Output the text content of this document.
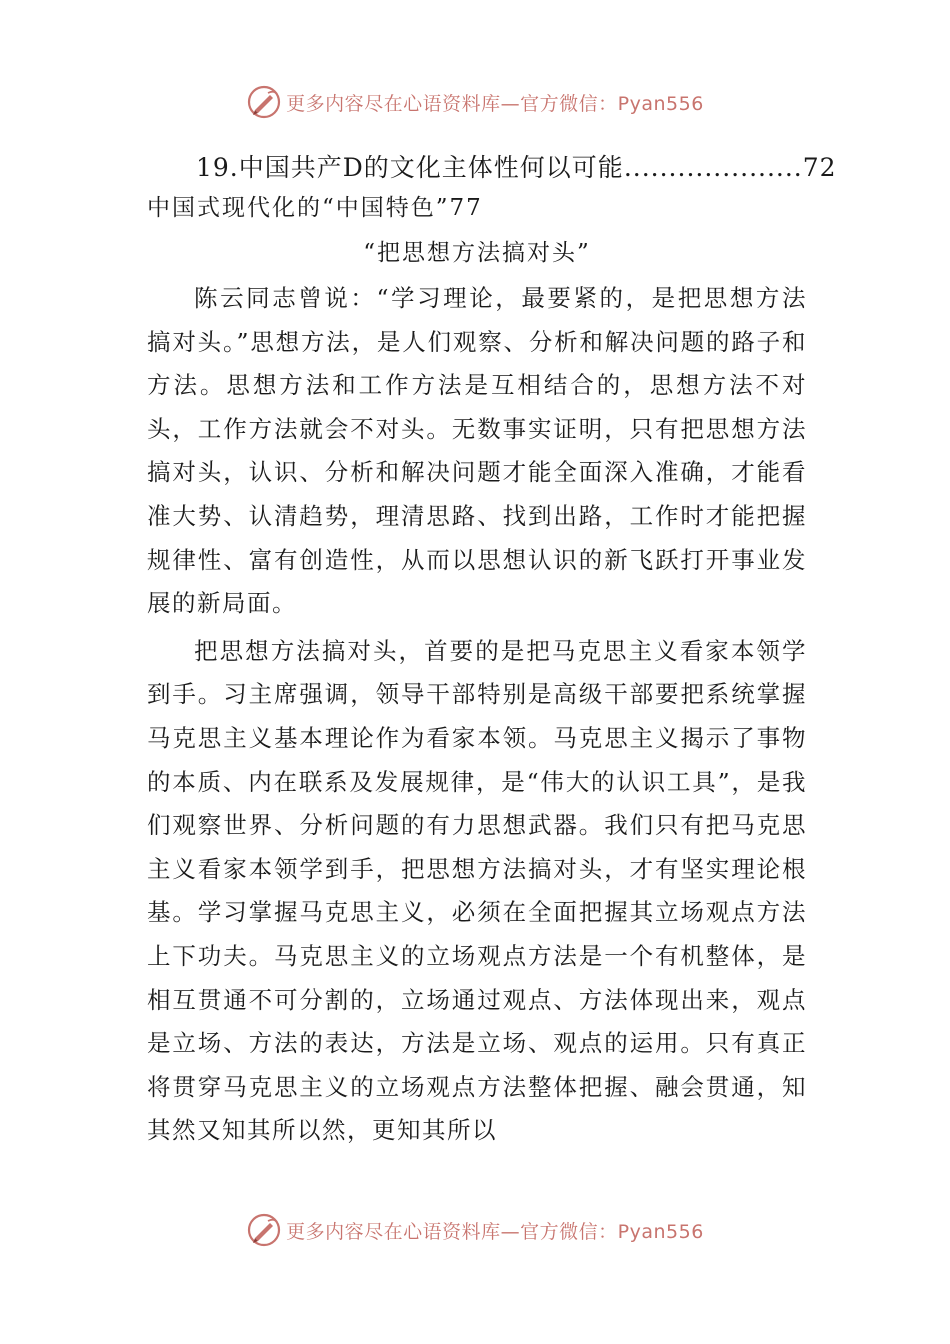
更多内容尽在心语资料库—官方微信：Pyan556
19.中国共产D的文化主体性何以可能....................72
中国式现代化的“中国特色”77
“把思想方法搞对头”

陈云同志曾说：“学习理论，最要紧的，是把思想方法搞对头。”思想方法，是人们观察、分析和解决问题的路子和方法。思想方法和工作方法是互相结合的，思想方法不对头，工作方法就会不对头。无数事实证明，只有把思想方法搞对头，认识、分析和解决问题才能全面深入准确，才能看准大势、认清趋势，理清思路、找到出路，工作时才能把握规律性、富有创造性，从而以思想认识的新飞跃打开事业发展的新局面。

把思想方法搞对头，首要的是把马克思主义看家本领学到手。习主席强调，领导干部特别是高级干部要把系统掌握马克思主义基本理论作为看家本领。马克思主义揭示了事物的本质、内在联系及发展规律，是“伟大的认识工具”，是我们观察世界、分析问题的有力思想武器。我们只有把马克思主义看家本领学到手，把思想方法搞对头，才有坚实理论根基。学习掌握马克思主义，必须在全面把握其立场观点方法上下功夫。马克思主义的立场观点方法是一个有机整体，是相互贯通不可分割的，立场通过观点、方法体现出来，观点是立场、方法的表达，方法是立场、观点的运用。只有真正将贯穿马克思主义的立场观点方法整体把握、融会贯通，知其然又知其所以然，更知其所以

更多内容尽在心语资料库—官方微信：Pyan556
